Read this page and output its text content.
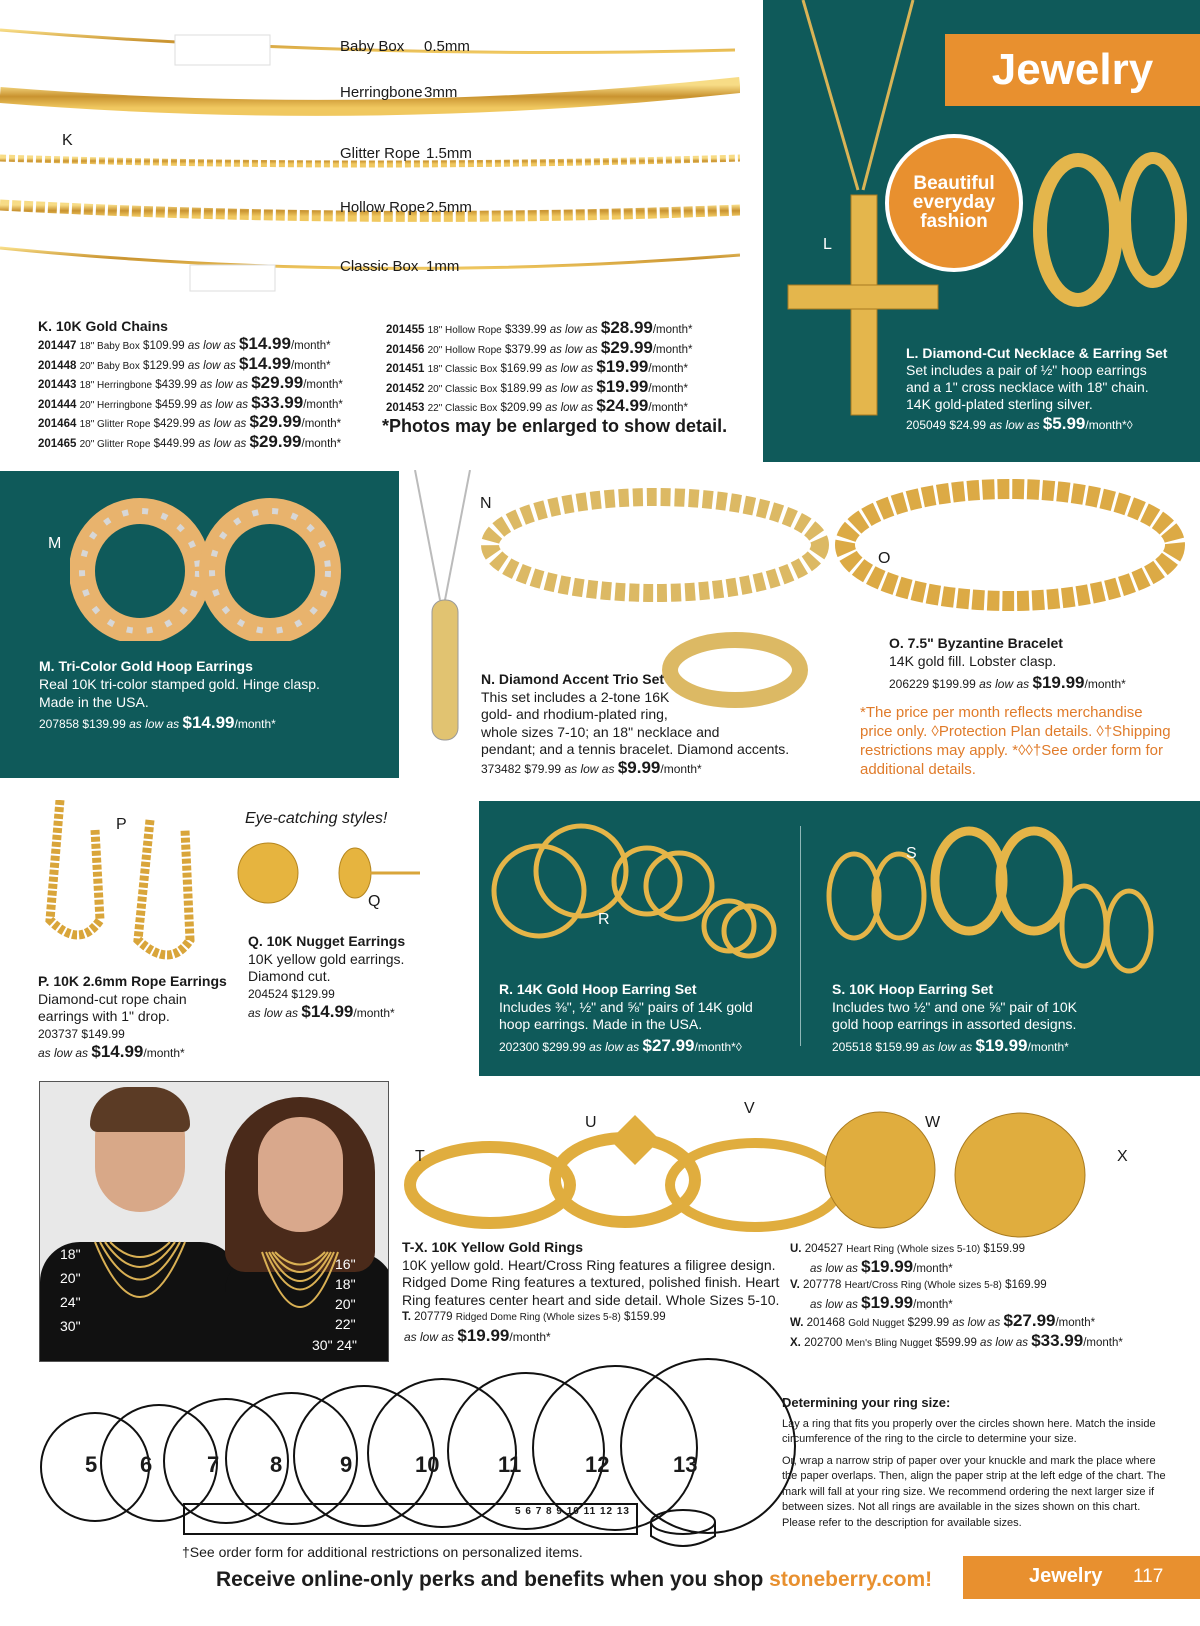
K
Baby Box 0.5mm
Herringbone 3mm
Glitter Rope 1.5mm
Hollow Rope 2.5mm
Classic Box 1mm
K. 10K Gold Chains
201447 18" Baby Box $109.99 as low as $14.99/month*
201448 20" Baby Box $129.99 as low as $14.99/month*
201443 18" Herringbone $439.99 as low as $29.99/month*
201444 20" Herringbone $459.99 as low as $33.99/month*
201464 18" Glitter Rope $429.99 as low as $29.99/month*
201465 20" Glitter Rope $449.99 as low as $29.99/month*
201455 18" Hollow Rope $339.99 as low as $28.99/month*
201456 20" Hollow Rope $379.99 as low as $29.99/month*
201451 18" Classic Box $169.99 as low as $19.99/month*
201452 20" Classic Box $189.99 as low as $19.99/month*
201453 22" Classic Box $209.99 as low as $24.99/month*
*Photos may be enlarged to show detail.
Jewelry
L
Beautiful
everyday
fashion
L. Diamond-Cut Necklace & Earring Set
Set includes a pair of ½" hoop earrings
and a 1" cross necklace with 18" chain.
14K gold-plated sterling silver.
205049 $24.99 as low as $5.99/month*◊
M
M. Tri-Color Gold Hoop Earrings
Real 10K tri-color stamped gold. Hinge clasp.
Made in the USA.
207858 $139.99 as low as $14.99/month*
N
N. Diamond Accent Trio Set
This set includes a 2-tone 16K
gold- and rhodium-plated ring,
whole sizes 7-10; an 18" necklace and
pendant; and a tennis bracelet. Diamond accents.
373482 $79.99 as low as $9.99/month*
O
O. 7.5" Byzantine Bracelet
14K gold fill. Lobster clasp.
206229 $199.99 as low as $19.99/month*
*The price per month reflects merchandise
price only. ◊Protection Plan details. ◊†Shipping
restrictions may apply. *◊◊†See order form for
additional details.
P
P. 10K 2.6mm Rope Earrings
Diamond-cut rope chain
earrings with 1" drop.
203737 $149.99
as low as $14.99/month*
Eye-catching styles!
Q
Q. 10K Nugget Earrings
10K yellow gold earrings.
Diamond cut.
204524 $129.99
as low as $14.99/month*
R
R. 14K Gold Hoop Earring Set
Includes ⅜", ½" and ⅝" pairs of 14K gold
hoop earrings. Made in the USA.
202300 $299.99 as low as $27.99/month*◊
S
S. 10K Hoop Earring Set
Includes two ½" and one ⅝" pair of 10K
gold hoop earrings in assorted designs.
205518 $159.99 as low as $19.99/month*
18"
20"
24"
30"
16"
18"
20"
22"
30" 24"
T
U
V
W
X
T-X. 10K Yellow Gold Rings
10K yellow gold. Heart/Cross Ring features a filigree design.
Ridged Dome Ring features a textured, polished finish. Heart
Ring features center heart and side detail. Whole Sizes 5-10.
T. 207779 Ridged Dome Ring (Whole sizes 5-8) $159.99
as low as $19.99/month*
U. 204527 Heart Ring (Whole sizes 5-10) $159.99
as low as $19.99/month*
V. 207778 Heart/Cross Ring (Whole sizes 5-8) $169.99
as low as $19.99/month*
W. 201468 Gold Nugget $299.99 as low as $27.99/month*
X. 202700 Men's Bling Nugget $599.99 as low as $33.99/month*
5 6 7 8	9	10	11	12	13
5 6 7 8 9 10 11 12 13
†See order form for additional restrictions on personalized items.
Determining your ring size:
Lay a ring that fits you properly over the circles shown here. Match the inside circumference of the ring to the circle to determine your size.
Or, wrap a narrow strip of paper over your knuckle and mark the place where the paper overlaps. Then, align the paper strip at the left edge of the chart. The mark will fall at your ring size. We recommend ordering the next larger size if between sizes. Not all rings are available in the sizes shown on this chart. Please refer to the description for available sizes.
Receive online-only perks and benefits when you shop stoneberry.com!	Jewelry 117
